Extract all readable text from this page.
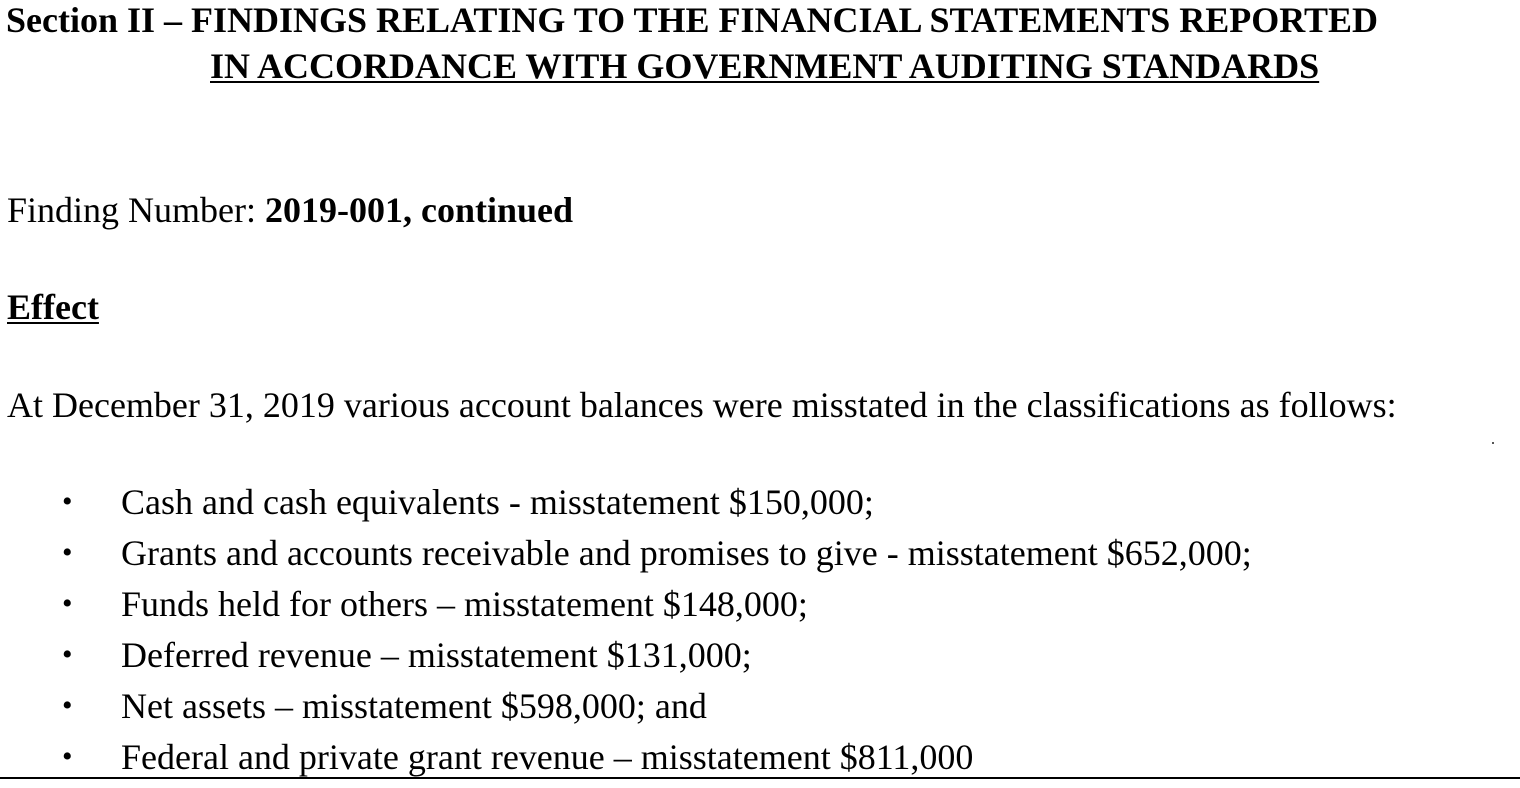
Section II – FINDINGS RELATING TO THE FINANCIAL STATEMENTS REPORTED
IN ACCORDANCE WITH GOVERNMENT AUDITING STANDARDS
Finding Number: 2019-001, continued
Effect
At December 31, 2019 various account balances were misstated in the classifications as follows:
• Cash and cash equivalents - misstatement $150,000;
• Grants and accounts receivable and promises to give - misstatement $652,000;
• Funds held for others – misstatement $148,000;
• Deferred revenue – misstatement $131,000;
• Net assets – misstatement $598,000; and
• Federal and private grant revenue – misstatement $811,000
